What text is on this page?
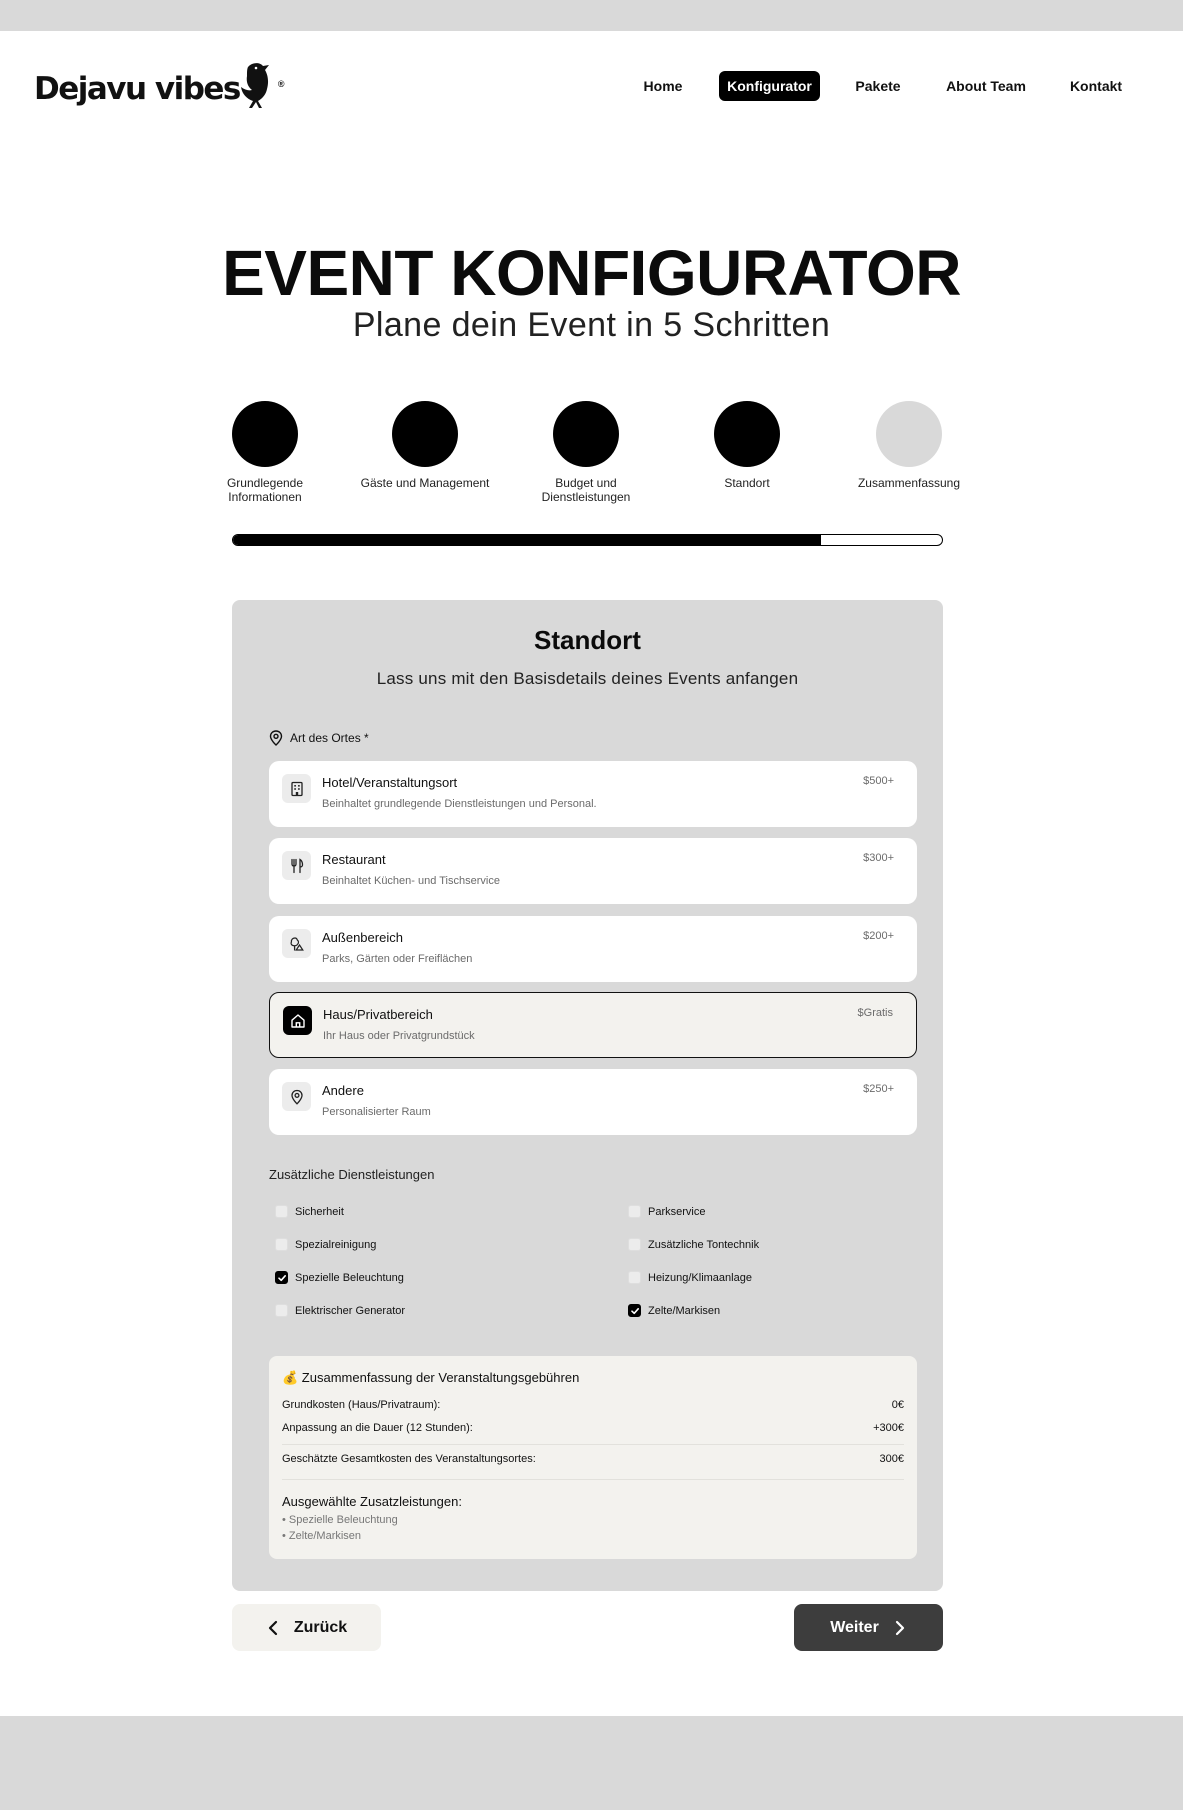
Dejavu vibes	®	Home	Konfigurator	Pakete	About Team	Kontakt
EVENT KONFIGURATOR
Plane dein Event in 5 Schritten
Grundlegende Informationen
Gäste und Management	Budget und Dienstleistungen
Standort	Zusammenfassung
Standort
Lass uns mit den Basisdetails deines Events anfangen
Art des Ortes *
Hotel/Veranstaltungsort
Beinhaltet grundlegende Dienstleistungen und Personal.
$500+
Restaurant
Beinhaltet Küchen- und Tischservice
$300+
Außenbereich
Parks, Gärten oder Freiflächen
$200+
Haus/Privatbereich
Ihr Haus oder Privatgrundstück
$Gratis
Andere
Personalisierter Raum
$250+
Zusätzliche Dienstleistungen
Sicherheit	Parkservice
Spezialreinigung	Zusätzliche Tontechnik
Spezielle Beleuchtung	Heizung/Klimaanlage
Elektrischer Generator	Zelte/Markisen
💰 Zusammenfassung der Veranstaltungsgebühren
Grundkosten (Haus/Privatraum):	0€
Anpassung an die Dauer (12 Stunden):	+300€
Geschätzte Gesamtkosten des Veranstaltungsortes:	300€
Ausgewählte Zusatzleistungen:
• Spezielle Beleuchtung
• Zelte/Markisen
Zurück	Weiter
